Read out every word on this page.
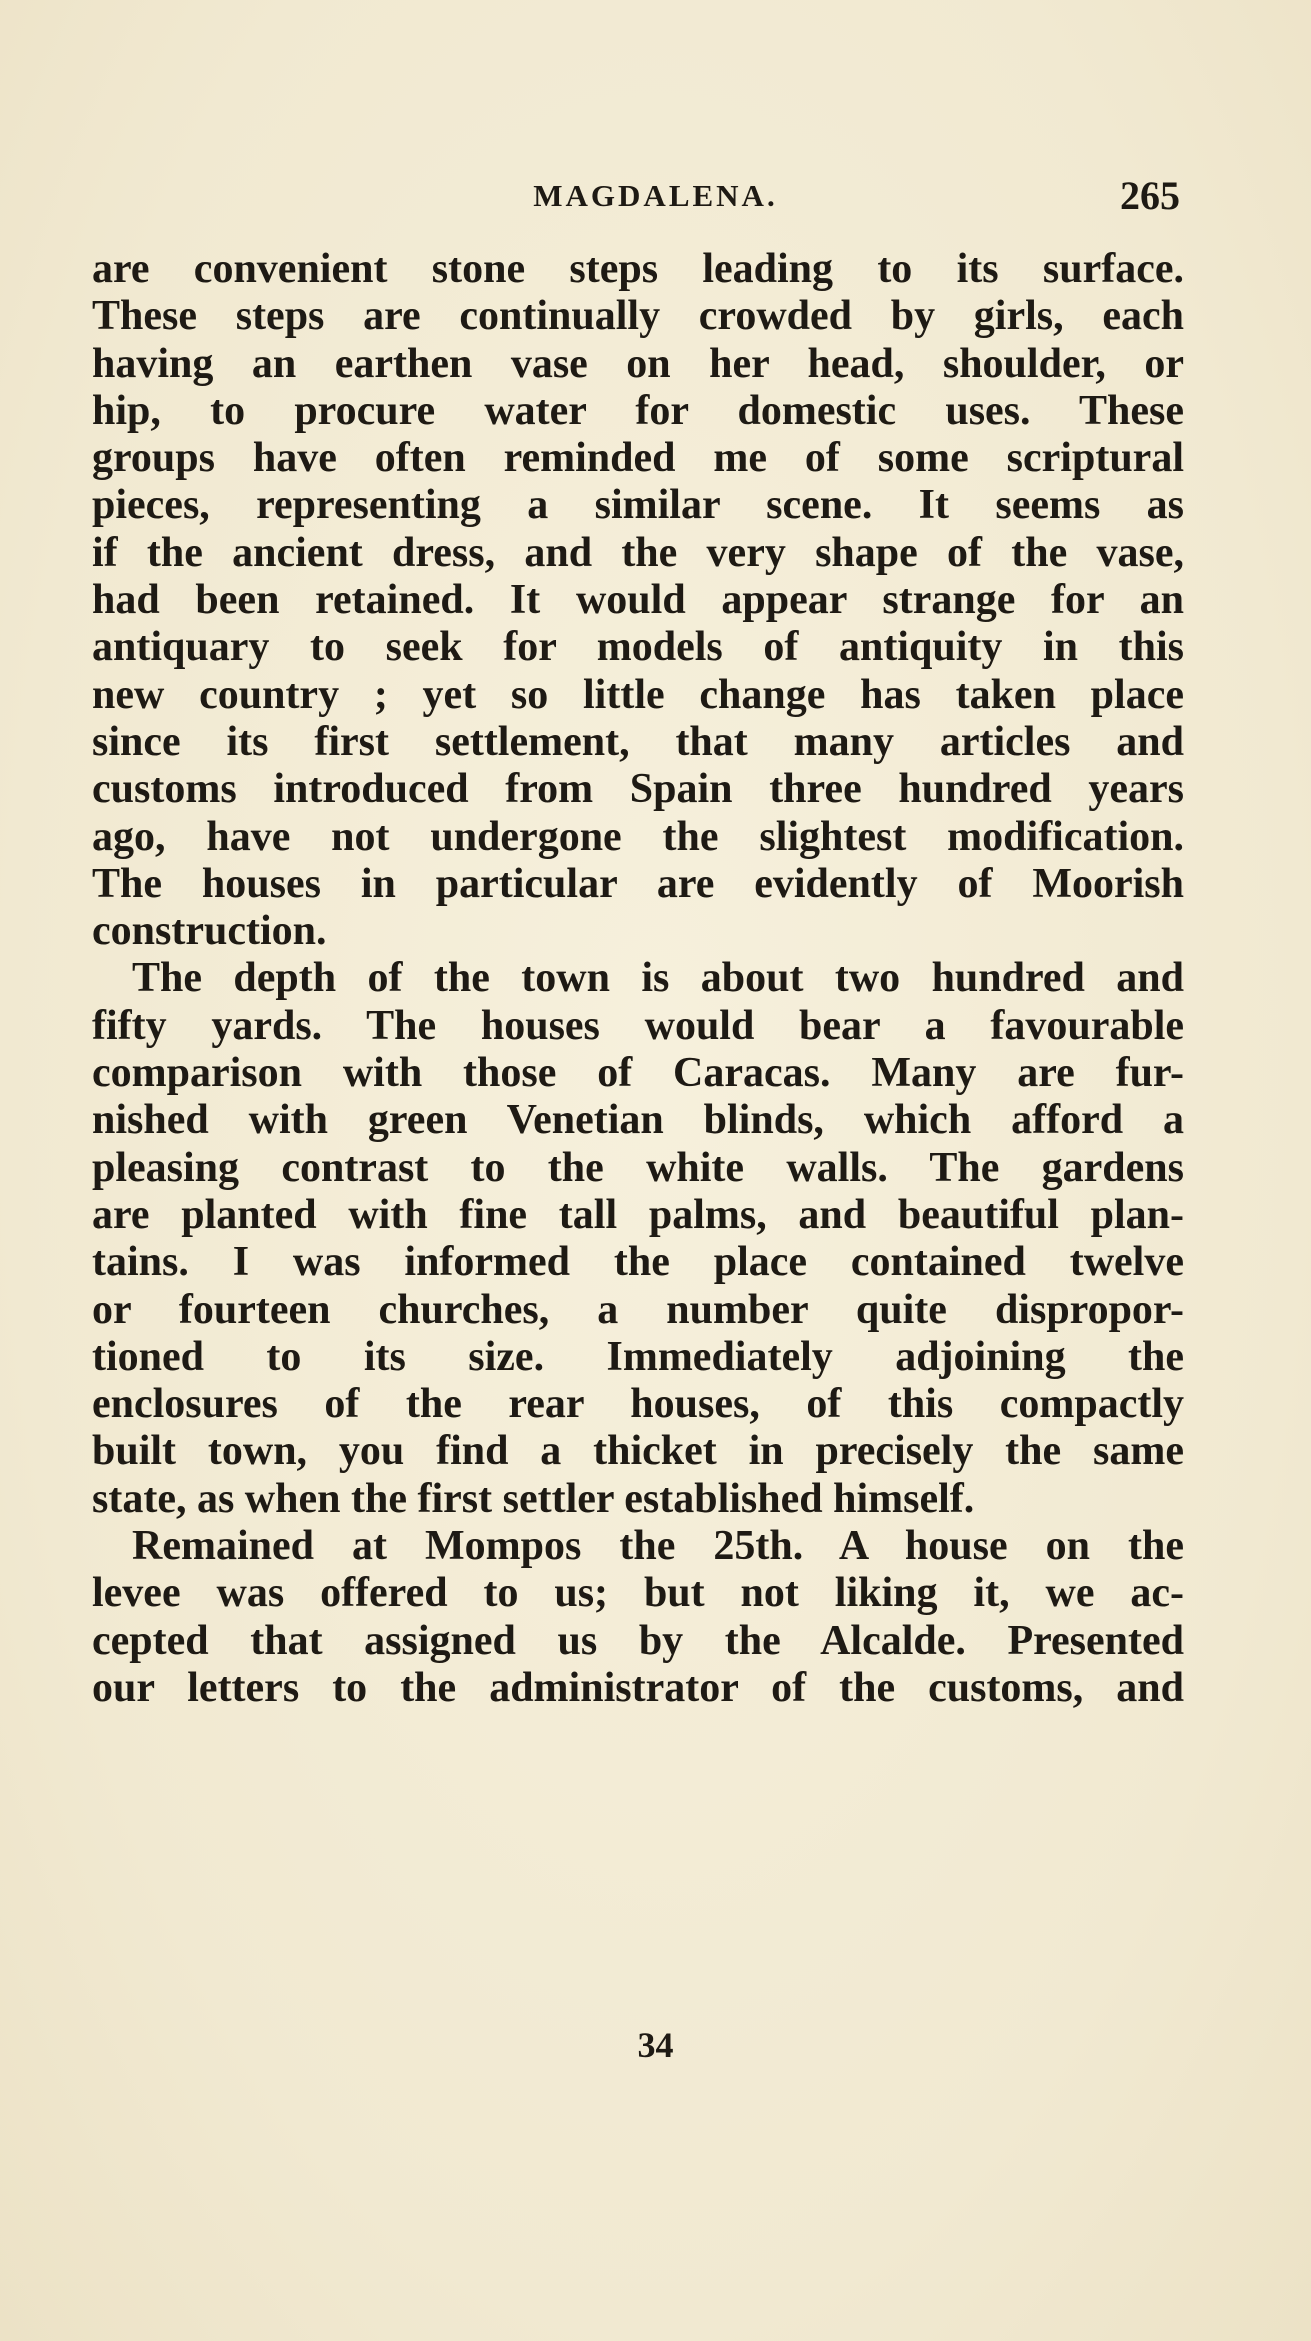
MAGDALENA.	265
are convenient stone steps leading to its surface.
These steps are continually crowded by girls, each
having an earthen vase on her head, shoulder, or
hip, to procure water for domestic uses. These
groups have often reminded me of some scriptural
pieces, representing a similar scene. It seems as
if the ancient dress, and the very shape of the vase,
had been retained. It would appear strange for an
antiquary to seek for models of antiquity in this
new country ; yet so little change has taken place
since its first settlement, that many articles and
customs introduced from Spain three hundred years
ago, have not undergone the slightest modification.
The houses in particular are evidently of Moorish
construction.
The depth of the town is about two hundred and
fifty yards. The houses would bear a favourable
comparison with those of Caracas. Many are fur-
nished with green Venetian blinds, which afford a
pleasing contrast to the white walls. The gardens
are planted with fine tall palms, and beautiful plan-
tains. I was informed the place contained twelve
or fourteen churches, a number quite dispropor-
tioned to its size. Immediately adjoining the
enclosures of the rear houses, of this compactly
built town, you find a thicket in precisely the same
state, as when the first settler established himself.
Remained at Mompos the 25th. A house on the
levee was offered to us; but not liking it, we ac-
cepted that assigned us by the Alcalde. Presented
our letters to the administrator of the customs, and
34
